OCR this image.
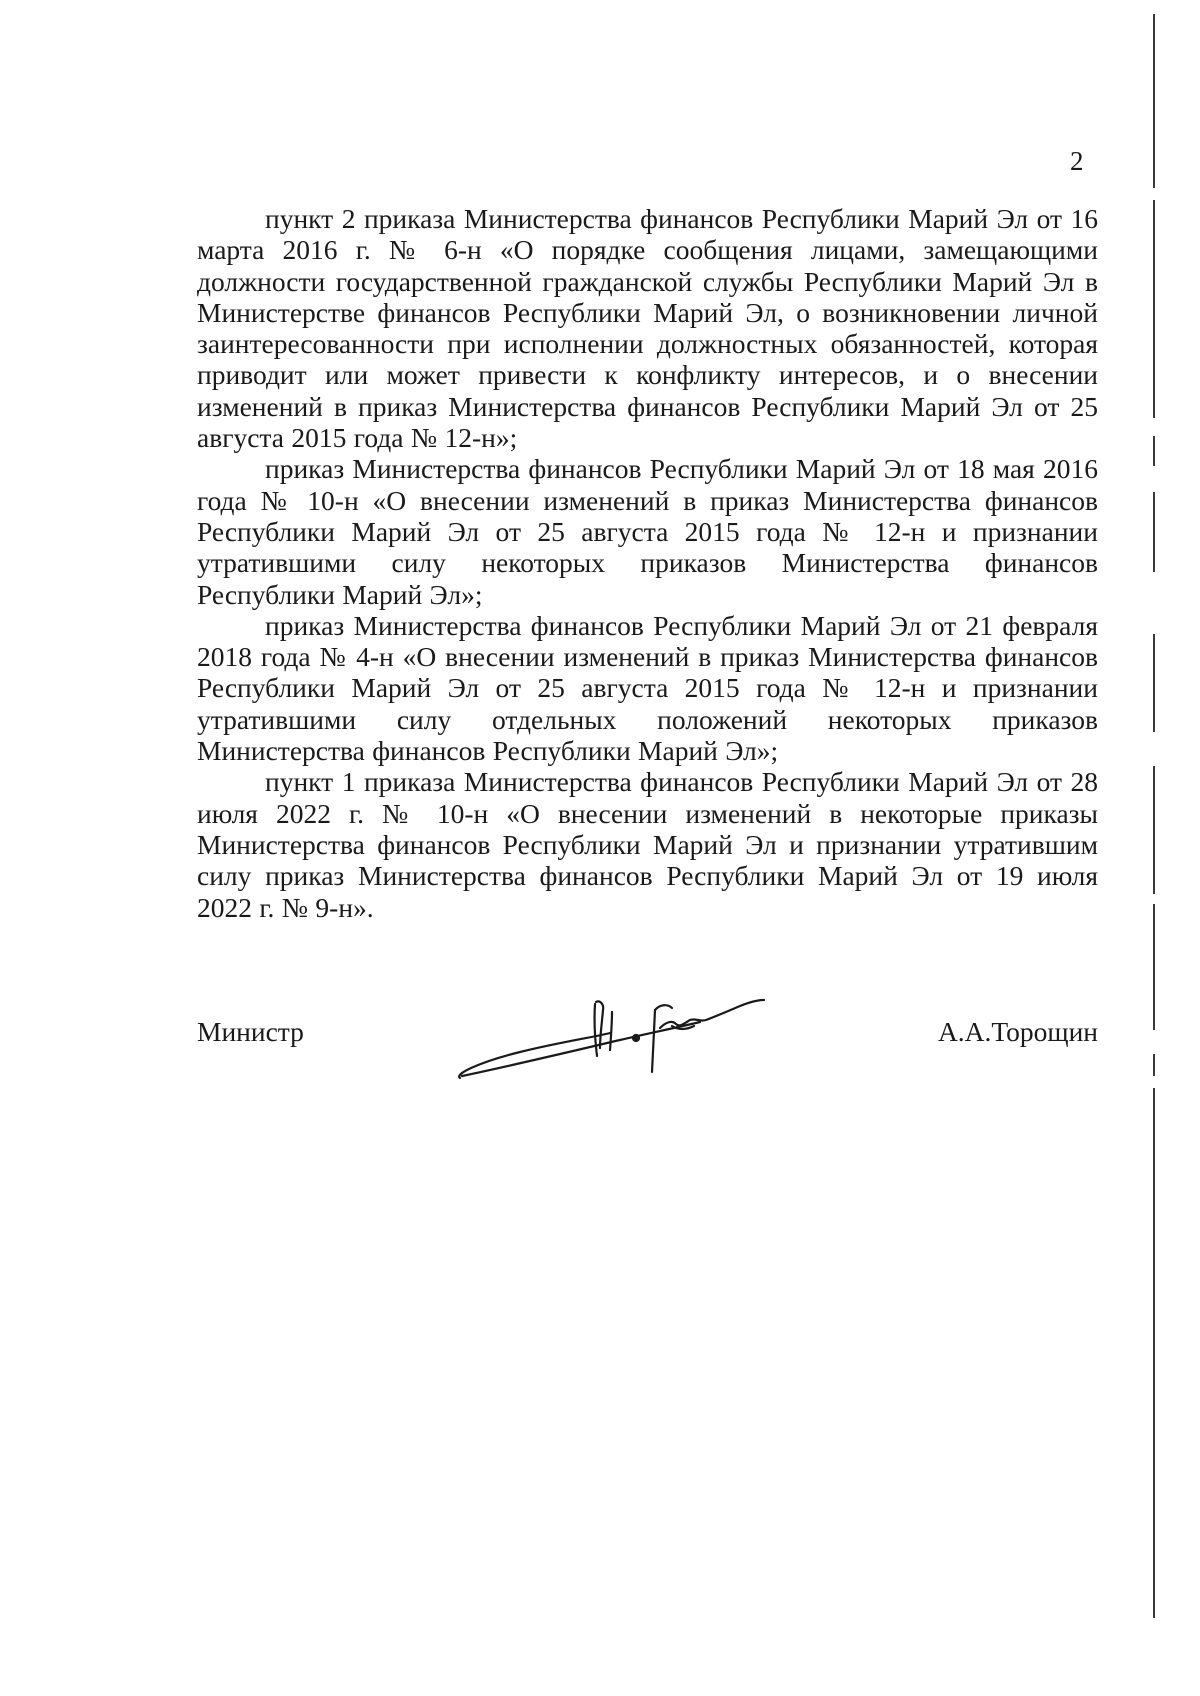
2

пункт 2 приказа Министерства финансов Республики Марий Эл от 16 марта 2016 г. № 6-н «О порядке сообщения лицами, замещающими должности государственной гражданской службы Республики Марий Эл в Министерстве финансов Республики Марий Эл, о возникновении личной заинтересованности при исполнении должностных обязанностей, которая приводит или может привести к конфликту интересов, и о внесении изменений в приказ Министерства финансов Республики Марий Эл от 25 августа 2015 года № 12-н»;

приказ Министерства финансов Республики Марий Эл от 18 мая 2016 года № 10-н «О внесении изменений в приказ Министерства финансов Республики Марий Эл от 25 августа 2015 года № 12-н и признании утратившими силу некоторых приказов Министерства финансов Республики Марий Эл»;

приказ Министерства финансов Республики Марий Эл от 21 февраля 2018 года № 4-н «О внесении изменений в приказ Министерства финансов Республики Марий Эл от 25 августа 2015 года № 12-н и признании утратившими силу отдельных положений некоторых приказов Министерства финансов Республики Марий Эл»;

пункт 1 приказа Министерства финансов Республики Марий Эл от 28 июля 2022 г. № 10-н «О внесении изменений в некоторые приказы Министерства финансов Республики Марий Эл и признании утратившим силу приказ Министерства финансов Республики Марий Эл от 19 июля 2022 г. № 9-н».

Министр	А.А.Торощин
